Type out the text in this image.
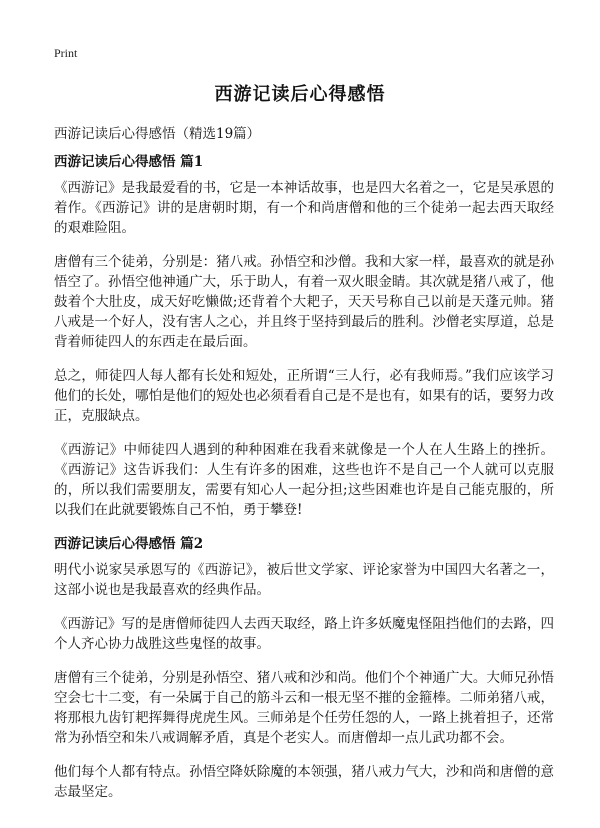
Print
西游记读后心得感悟
西游记读后心得感悟（精选19篇）
西游记读后心得感悟 篇1
《西游记》是我最爱看的书，它是一本神话故事，也是四大名着之一，它是吴承恩的着作。《西游记》讲的是唐朝时期，有一个和尚唐僧和他的三个徒弟一起去西天取经的艰难险阻。
唐僧有三个徒弟，分别是：猪八戒。孙悟空和沙僧。我和大家一样，最喜欢的就是孙悟空了。孙悟空他神通广大，乐于助人，有着一双火眼金睛。其次就是猪八戒了，他鼓着个大肚皮，成天好吃懒做;还背着个大耙子，天天号称自己以前是天蓬元帅。猪八戒是一个好人，没有害人之心，并且终于坚持到最后的胜利。沙僧老实厚道，总是背着师徒四人的东西走在最后面。
总之，师徒四人每人都有长处和短处，正所谓“三人行，必有我师焉。”我们应该学习他们的长处，哪怕是他们的短处也必须看看自己是不是也有，如果有的话，要努力改正，克服缺点。
《西游记》中师徒四人遇到的种种困难在我看来就像是一个人在人生路上的挫折。《西游记》这告诉我们：人生有许多的困难，这些也许不是自己一个人就可以克服的，所以我们需要朋友，需要有知心人一起分担;这些困难也许是自己能克服的，所以我们在此就要锻炼自己不怕，勇于攀登!
西游记读后心得感悟 篇2
明代小说家吴承恩写的《西游记》，被后世文学家、评论家誉为中国四大名著之一，这部小说也是我最喜欢的经典作品。
《西游记》写的是唐僧师徒四人去西天取经，路上许多妖魔鬼怪阻挡他们的去路，四个人齐心协力战胜这些鬼怪的故事。
唐僧有三个徒弟，分别是孙悟空、猪八戒和沙和尚。他们个个神通广大。大师兄孙悟空会七十二变，有一朵属于自己的筋斗云和一根无坚不摧的金箍棒。二师弟猪八戒，将那根九齿钉耙挥舞得虎虎生风。三师弟是个任劳任怨的人，一路上挑着担子，还常常为孙悟空和朱八戒调解矛盾，真是个老实人。而唐僧却一点儿武功都不会。
他们每个人都有特点。孙悟空降妖除魔的本领强，猪八戒力气大，沙和尚和唐僧的意志最坚定。
